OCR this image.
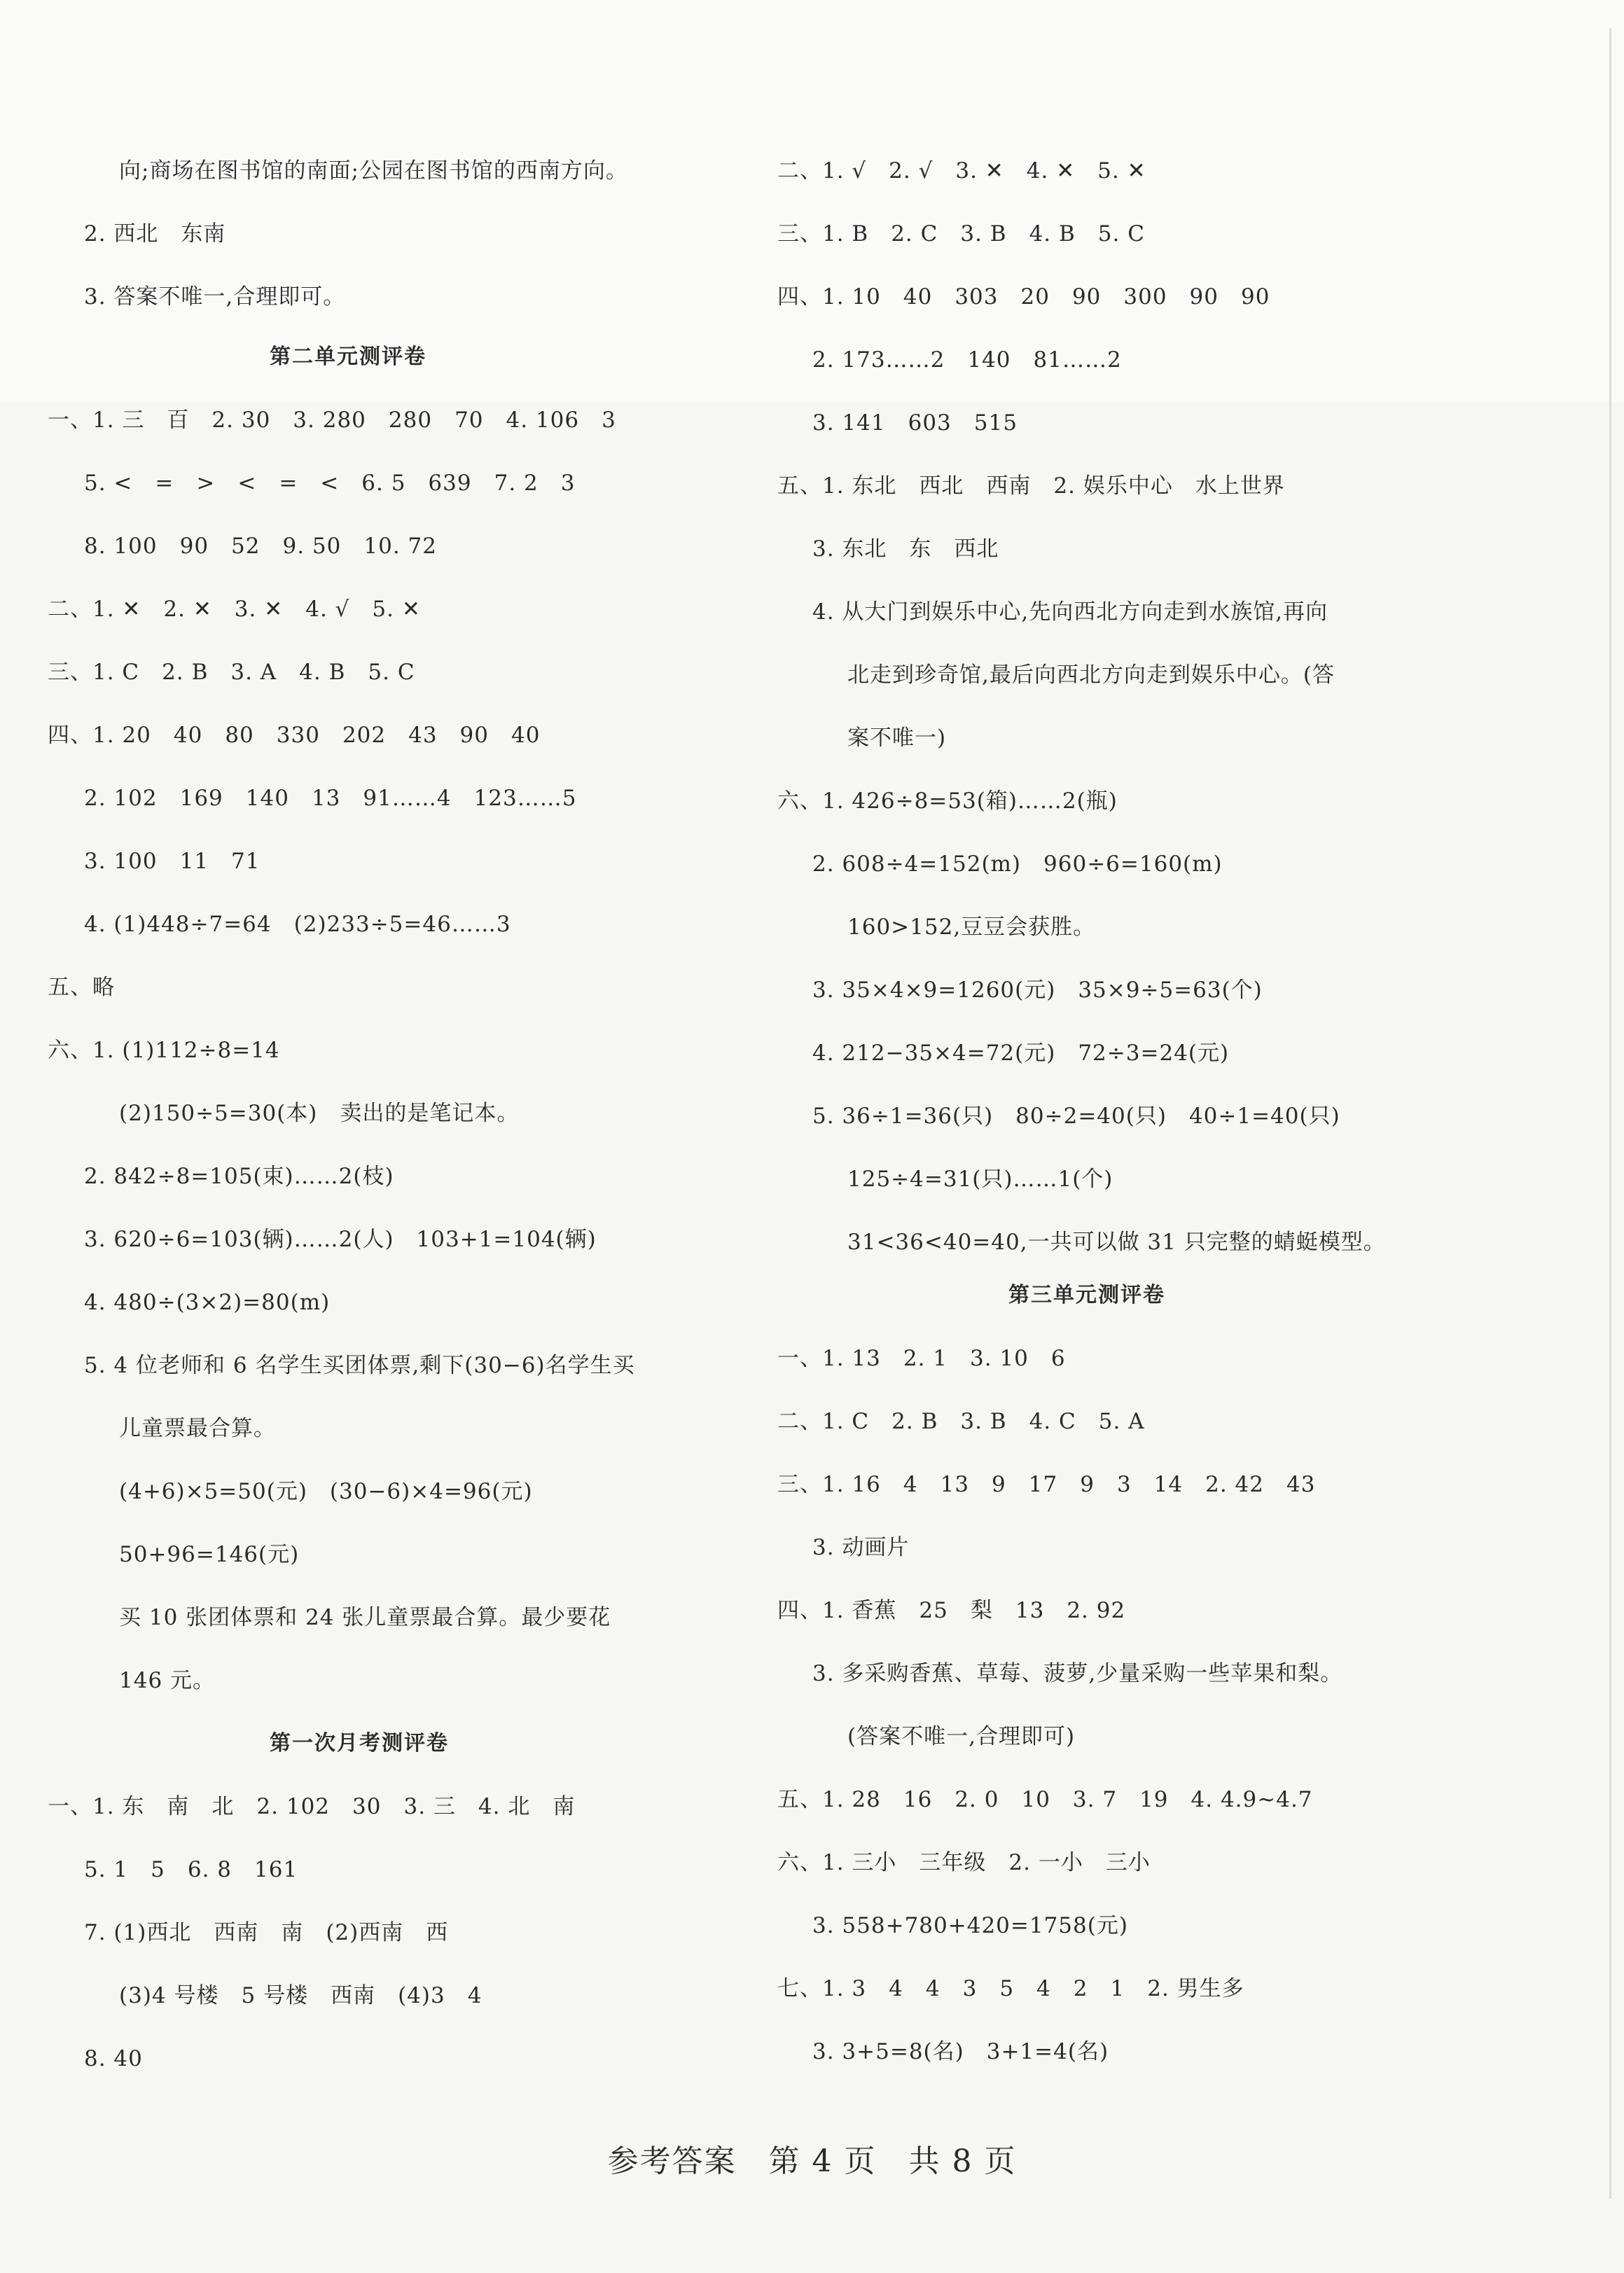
向;商场在图书馆的南面;公园在图书馆的西南方向。
2. 西北　东南
3. 答案不唯一,合理即可。
第二单元测评卷
一、1. 三　百　2. 30　3. 280　280　70　4. 106　3
5. <　=　>　<　=　<　6. 5　639　7. 2　3
8. 100　90　52　9. 50　10. 72
二、1. ✕　2. ✕　3. ✕　4. √　5. ✕
三、1. C　2. B　3. A　4. B　5. C
四、1. 20　40　80　330　202　43　90　40
2. 102　169　140　13　91……4　123……5
3. 100　11　71
4. (1)448÷7=64　(2)233÷5=46……3
五、略
六、1. (1)112÷8=14
(2)150÷5=30(本)　卖出的是笔记本。
2. 842÷8=105(束)……2(枝)
3. 620÷6=103(辆)……2(人)　103+1=104(辆)
4. 480÷(3×2)=80(m)
5. 4 位老师和 6 名学生买团体票,剩下(30−6)名学生买
儿童票最合算。
(4+6)×5=50(元)　(30−6)×4=96(元)
50+96=146(元)
买 10 张团体票和 24 张儿童票最合算。最少要花
146 元。
第一次月考测评卷
一、1. 东　南　北　2. 102　30　3. 三　4. 北　南
5. 1　5　6. 8　161
7. (1)西北　西南　南　(2)西南　西
(3)4 号楼　5 号楼　西南　(4)3　4
8. 40
二、1. √　2. √　3. ✕　4. ✕　5. ✕
三、1. B　2. C　3. B　4. B　5. C
四、1. 10　40　303　20　90　300　90　90
2. 173……2　140　81……2
3. 141　603　515
五、1. 东北　西北　西南　2. 娱乐中心　水上世界
3. 东北　东　西北
4. 从大门到娱乐中心,先向西北方向走到水族馆,再向
北走到珍奇馆,最后向西北方向走到娱乐中心。(答
案不唯一)
六、1. 426÷8=53(箱)……2(瓶)
2. 608÷4=152(m)　960÷6=160(m)
160>152,豆豆会获胜。
3. 35×4×9=1260(元)　35×9÷5=63(个)
4. 212−35×4=72(元)　72÷3=24(元)
5. 36÷1=36(只)　80÷2=40(只)　40÷1=40(只)
125÷4=31(只)……1(个)
31<36<40=40,一共可以做 31 只完整的蜻蜓模型。
第三单元测评卷
一、1. 13　2. 1　3. 10　6
二、1. C　2. B　3. B　4. C　5. A
三、1. 16　4　13　9　17　9　3　14　2. 42　43
3. 动画片
四、1. 香蕉　25　梨　13　2. 92
3. 多采购香蕉、草莓、菠萝,少量采购一些苹果和梨。
(答案不唯一,合理即可)
五、1. 28　16　2. 0　10　3. 7　19　4. 4.9~4.7
六、1. 三小　三年级　2. 一小　三小
3. 558+780+420=1758(元)
七、1. 3　4　4　3　5　4　2　1　2. 男生多
3. 3+5=8(名)　3+1=4(名)
参考答案　第 4 页　共 8 页
